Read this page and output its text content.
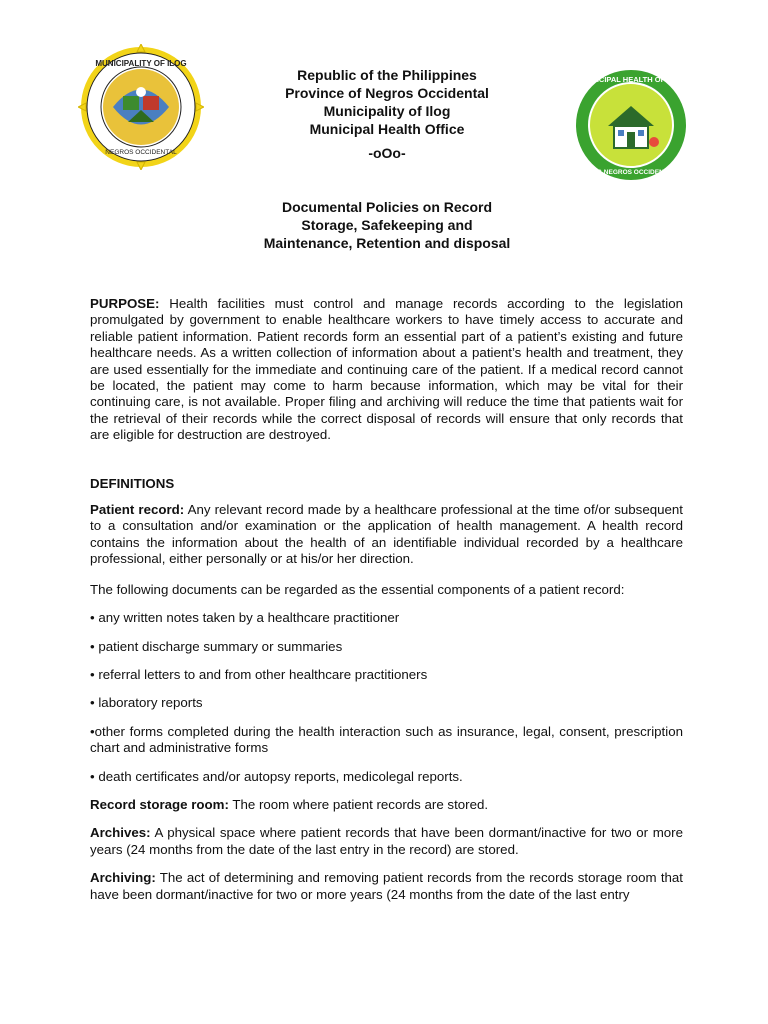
MUNICIPALITY OF ILOG
NEGROS OCCIDENTAL
MUNICIPAL HEALTH OFFICE
ILOG NEGROS OCCIDENTAL
Republic of the Philippines
Province of Negros Occidental
Municipality of Ilog
Municipal Health Office
-oOo-
Documental Policies on Record
Storage, Safekeeping and
Maintenance, Retention and disposal

PURPOSE: Health facilities must control and manage records according to the legislation promulgated by government to enable healthcare workers to have timely access to accurate and reliable patient information. Patient records form an essential part of a patient’s existing and future healthcare needs. As a written collection of information about a patient’s health and treatment, they are used essentially for the immediate and continuing care of the patient. If a medical record cannot be located, the patient may come to harm because information, which may be vital for their continuing care, is not available. Proper filing and archiving will reduce the time that patients wait for the retrieval of their records while the correct disposal of records will ensure that only records that are eligible for destruction are destroyed.

DEFINITIONS

Patient record: Any relevant record made by a healthcare professional at the time of/or subsequent to a consultation and/or examination or the application of health management. A health record contains the information about the health of an identifiable individual recorded by a healthcare professional, either personally or at his/or her direction.

The following documents can be regarded as the essential components of a patient record:

• any written notes taken by a healthcare practitioner

• patient discharge summary or summaries

• referral letters to and from other healthcare practitioners

• laboratory reports

•other forms completed during the health interaction such as insurance, legal, consent, prescription chart and administrative forms

• death certificates and/or autopsy reports, medicolegal reports.

Record storage room: The room where patient records are stored.

Archives: A physical space where patient records that have been dormant/inactive for two or more years (24 months from the date of the last entry in the record) are stored.

Archiving: The act of determining and removing patient records from the records storage room that have been dormant/inactive for two or more years (24 months from the date of the last entry
